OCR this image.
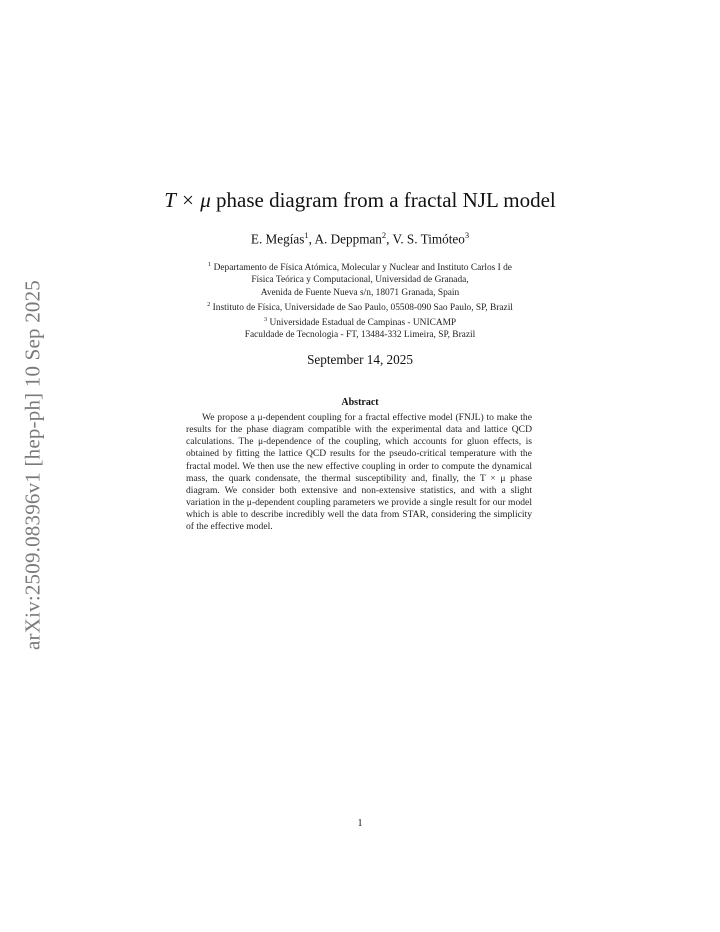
arXiv:2509.08396v1 [hep-ph] 10 Sep 2025
T × μ phase diagram from a fractal NJL model
E. Megías$^1$, A. Deppman$^2$, V. S. Timóteo$^3$
$^1$ Departamento de Física Atómica, Molecular y Nuclear and Instituto Carlos I de
Física Teórica y Computacional, Universidad de Granada,
Avenida de Fuente Nueva s/n, 18071 Granada, Spain
$^2$ Instituto de Física, Universidade de Sao Paulo, 05508-090 Sao Paulo, SP, Brazil
$^3$ Universidade Estadual de Campinas - UNICAMP
Faculdade de Tecnologia - FT, 13484-332 Limeira, SP, Brazil
September 14, 2025
Abstract
We propose a μ-dependent coupling for a fractal effective model (FNJL) to make the results for the phase diagram compatible with the experimental data and lattice QCD calculations. The μ-dependence of the coupling, which accounts for gluon effects, is obtained by fitting the lattice QCD results for the pseudo-critical temperature with the fractal model. We then use the new effective coupling in order to compute the dynamical mass, the quark condensate, the thermal susceptibility and, finally, the T × μ phase diagram. We consider both extensive and non-extensive statistics, and with a slight variation in the μ-dependent coupling parameters we provide a single result for our model which is able to describe incredibly well the data from STAR, considering the simplicity of the effective model.
1
